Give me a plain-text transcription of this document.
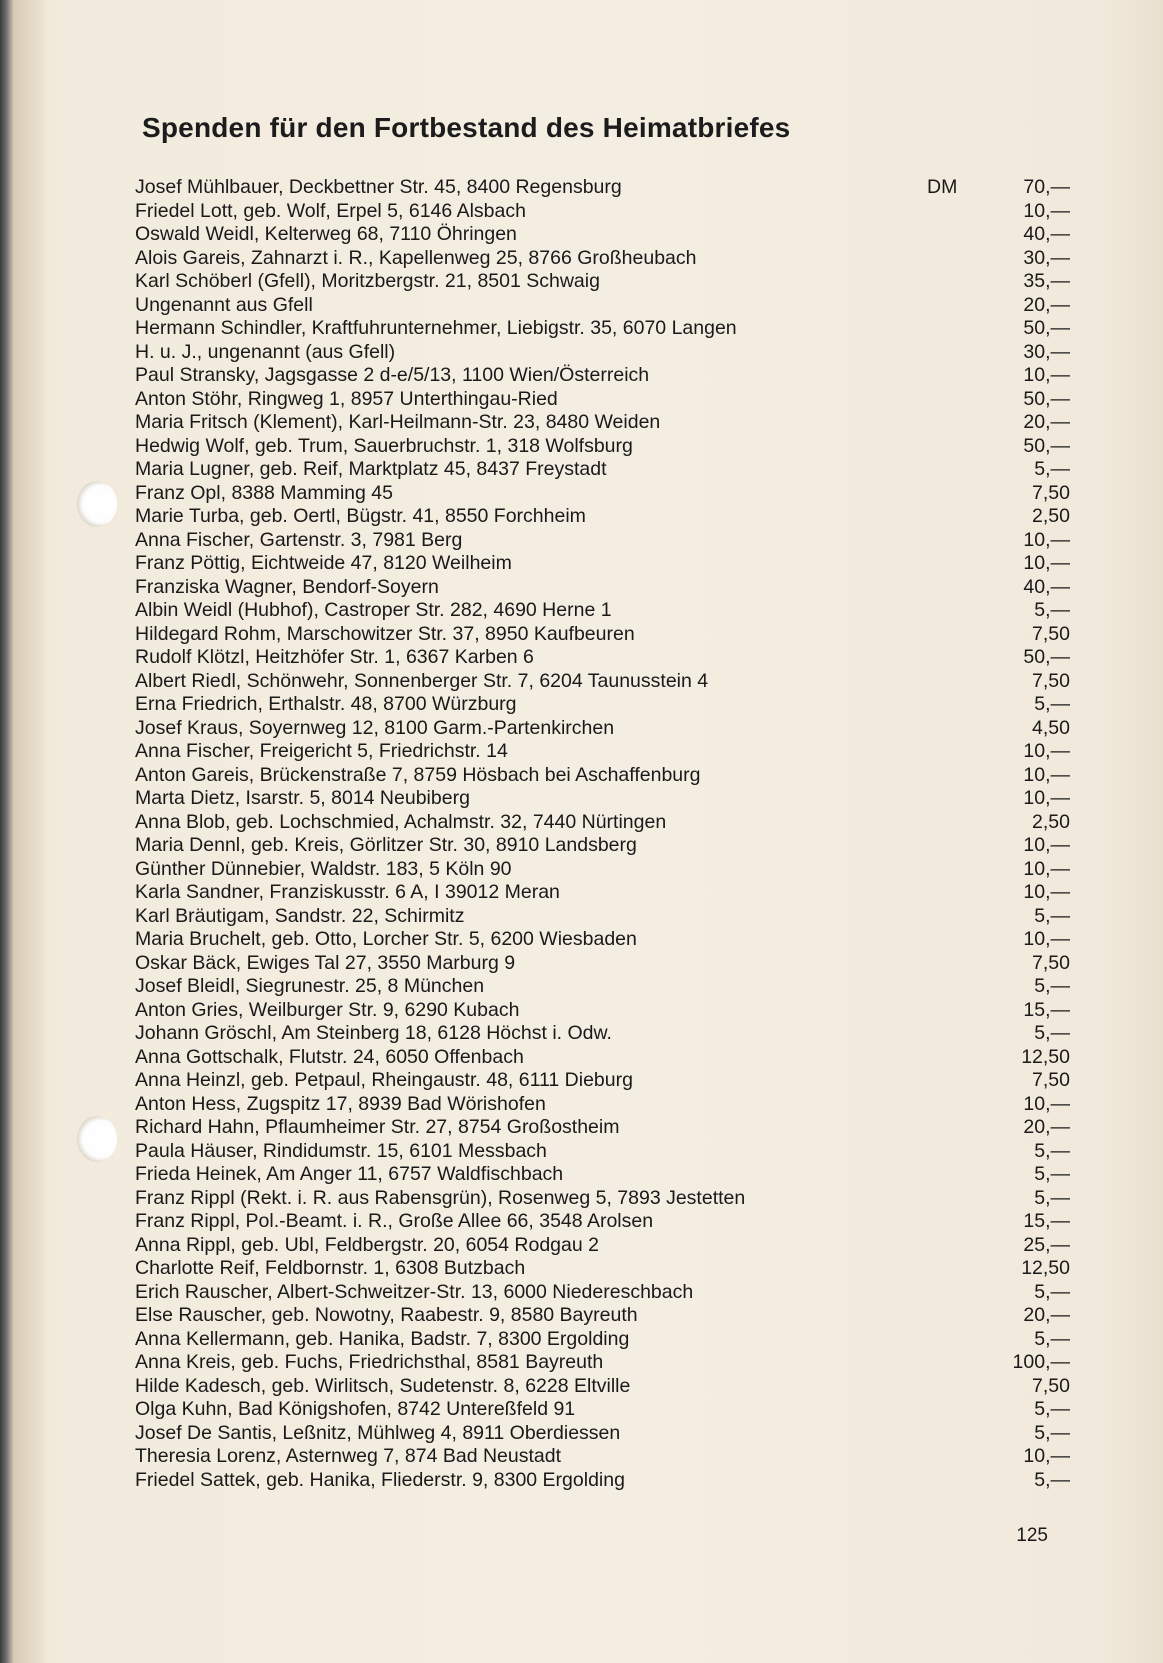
Spenden für den Fortbestand des Heimatbriefes
DM
Josef Mühlbauer, Deckbettner Str. 45, 8400 Regensburg	70,—
Friedel Lott, geb. Wolf, Erpel 5, 6146 Alsbach	10,—
Oswald Weidl, Kelterweg 68, 7110 Öhringen	40,—
Alois Gareis, Zahnarzt i. R., Kapellenweg 25, 8766 Großheubach	30,—
Karl Schöberl (Gfell), Moritzbergstr. 21, 8501 Schwaig	35,—
Ungenannt aus Gfell	20,—
Hermann Schindler, Kraftfuhrunternehmer, Liebigstr. 35, 6070 Langen	50,—
H. u. J., ungenannt (aus Gfell)	30,—
Paul Stransky, Jagsgasse 2 d-e/5/13, 1100 Wien/Österreich	10,—
Anton Stöhr, Ringweg 1, 8957 Unterthingau-Ried	50,—
Maria Fritsch (Klement), Karl-Heilmann-Str. 23, 8480 Weiden	20,—
Hedwig Wolf, geb. Trum, Sauerbruchstr. 1, 318 Wolfsburg	50,—
Maria Lugner, geb. Reif, Marktplatz 45, 8437 Freystadt	5,—
Franz Opl, 8388 Mamming 45	7,50
Marie Turba, geb. Oertl, Bügstr. 41, 8550 Forchheim	2,50
Anna Fischer, Gartenstr. 3, 7981 Berg	10,—
Franz Pöttig, Eichtweide 47, 8120 Weilheim	10,—
Franziska Wagner, Bendorf-Soyern	40,—
Albin Weidl (Hubhof), Castroper Str. 282, 4690 Herne 1	5,—
Hildegard Rohm, Marschowitzer Str. 37, 8950 Kaufbeuren	7,50
Rudolf Klötzl, Heitzhöfer Str. 1, 6367 Karben 6	50,—
Albert Riedl, Schönwehr, Sonnenberger Str. 7, 6204 Taunusstein 4	7,50
Erna Friedrich, Erthalstr. 48, 8700 Würzburg	5,—
Josef Kraus, Soyernweg 12, 8100 Garm.-Partenkirchen	4,50
Anna Fischer, Freigericht 5, Friedrichstr. 14	10,—
Anton Gareis, Brückenstraße 7, 8759 Hösbach bei Aschaffenburg	10,—
Marta Dietz, Isarstr. 5, 8014 Neubiberg	10,—
Anna Blob, geb. Lochschmied, Achalmstr. 32, 7440 Nürtingen	2,50
Maria Dennl, geb. Kreis, Görlitzer Str. 30, 8910 Landsberg	10,—
Günther Dünnebier, Waldstr. 183, 5 Köln 90	10,—
Karla Sandner, Franziskusstr. 6 A, I 39012 Meran	10,—
Karl Bräutigam, Sandstr. 22, Schirmitz	5,—
Maria Bruchelt, geb. Otto, Lorcher Str. 5, 6200 Wiesbaden	10,—
Oskar Bäck, Ewiges Tal 27, 3550 Marburg 9	7,50
Josef Bleidl, Siegrunestr. 25, 8 München	5,—
Anton Gries, Weilburger Str. 9, 6290 Kubach	15,—
Johann Gröschl, Am Steinberg 18, 6128 Höchst i. Odw.	5,—
Anna Gottschalk, Flutstr. 24, 6050 Offenbach	12,50
Anna Heinzl, geb. Petpaul, Rheingaustr. 48, 6111 Dieburg	7,50
Anton Hess, Zugspitz 17, 8939 Bad Wörishofen	10,—
Richard Hahn, Pflaumheimer Str. 27, 8754 Großostheim	20,—
Paula Häuser, Rindidumstr. 15, 6101 Messbach	5,—
Frieda Heinek, Am Anger 11, 6757 Waldfischbach	5,—
Franz Rippl (Rekt. i. R. aus Rabensgrün), Rosenweg 5, 7893 Jestetten	5,—
Franz Rippl, Pol.-Beamt. i. R., Große Allee 66, 3548 Arolsen	15,—
Anna Rippl, geb. Ubl, Feldbergstr. 20, 6054 Rodgau 2	25,—
Charlotte Reif, Feldbornstr. 1, 6308 Butzbach	12,50
Erich Rauscher, Albert-Schweitzer-Str. 13, 6000 Niedereschbach	5,—
Else Rauscher, geb. Nowotny, Raabestr. 9, 8580 Bayreuth	20,—
Anna Kellermann, geb. Hanika, Badstr. 7, 8300 Ergolding	5,—
Anna Kreis, geb. Fuchs, Friedrichsthal, 8581 Bayreuth	100,—
Hilde Kadesch, geb. Wirlitsch, Sudetenstr. 8, 6228 Eltville	7,50
Olga Kuhn, Bad Königshofen, 8742 Untereßfeld 91	5,—
Josef De Santis, Leßnitz, Mühlweg 4, 8911 Oberdiessen	5,—
Theresia Lorenz, Asternweg 7, 874 Bad Neustadt	10,—
Friedel Sattek, geb. Hanika, Fliederstr. 9, 8300 Ergolding	5,—
125
